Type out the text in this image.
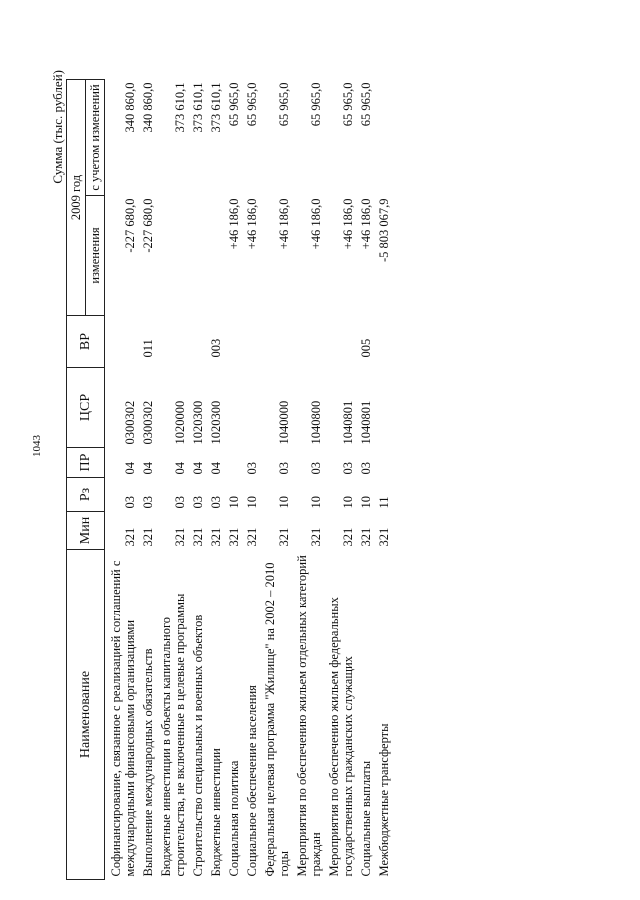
1043
Сумма (тыс. рублей)
Наименование	Мин	Рз	ПР	ЦСР	ВР	2009 год	
						изменения	с учетом изменений
Софинансирование, связанное с реализацией соглашений с международными финансовыми организациями	321	03	04	0300302		-227 680,0	340 860,0
Выполнение международных обязательств	321	03	04	0300302	011	-227 680,0	340 860,0
Бюджетные инвестиции в объекты капитального строительства, не включенные в целевые программы	321	03	04	1020000			373 610,1
Строительство специальных и военных объектов	321	03	04	1020300			373 610,1
Бюджетные инвестиции	321	03	04	1020300	003		373 610,1
Социальная политика	321	10				+46 186,0	65 965,0
Социальное обеспечение населения	321	10	03			+46 186,0	65 965,0
Федеральная целевая программа "Жилище" на 2002 – 2010 годы	321	10	03	1040000		+46 186,0	65 965,0
Мероприятия по обеспечению жильем отдельных категорий граждан	321	10	03	1040800		+46 186,0	65 965,0
Мероприятия по обеспечению жильем федеральных государственных гражданских служащих	321	10	03	1040801		+46 186,0	65 965,0
Социальные выплаты	321	10	03	1040801	005	+46 186,0	65 965,0
Межбюджетные трансферты	321	11				-5 803 067,9	
